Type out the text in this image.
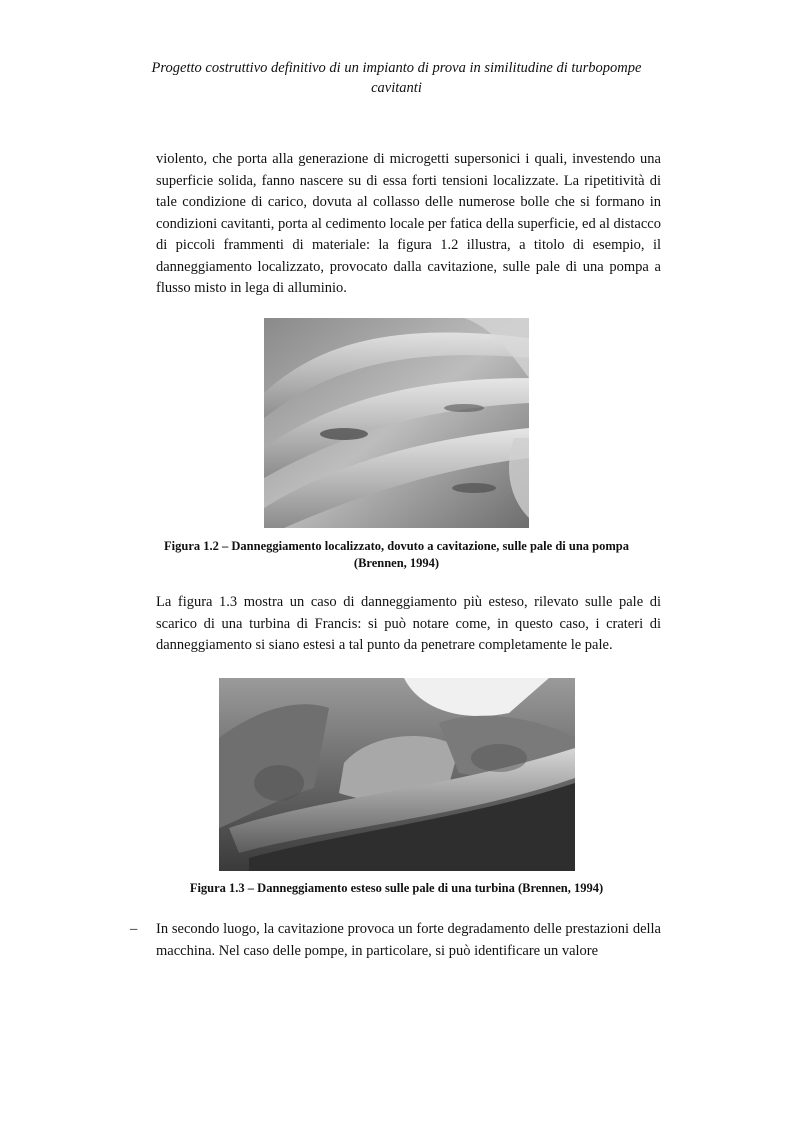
Progetto costruttivo definitivo di un impianto di prova in similitudine di turbopompe
cavitanti

violento, che porta alla generazione di microgetti supersonici i quali, investendo una superficie solida, fanno nascere su di essa forti tensioni localizzate. La ripetitività di tale condizione di carico, dovuta al collasso delle numerose bolle che si formano in condizioni cavitanti, porta al cedimento locale per fatica della superficie, ed al distacco di piccoli frammenti di materiale: la figura 1.2 illustra, a titolo di esempio, il danneggiamento localizzato, provocato dalla cavitazione, sulle pale di una pompa a flusso misto in lega di alluminio.

Figura 1.2 – Danneggiamento localizzato, dovuto a cavitazione, sulle pale di una pompa
(Brennen, 1994)

La figura 1.3 mostra un caso di danneggiamento più esteso, rilevato sulle pale di scarico di una turbina di Francis: si può notare come, in questo caso, i crateri di danneggiamento si siano estesi a tal punto da penetrare completamente le pale.

Figura 1.3 – Danneggiamento esteso sulle pale di una turbina (Brennen, 1994)
– In secondo luogo, la cavitazione provoca un forte degradamento delle prestazioni della macchina. Nel caso delle pompe, in particolare, si può identificare un valore
